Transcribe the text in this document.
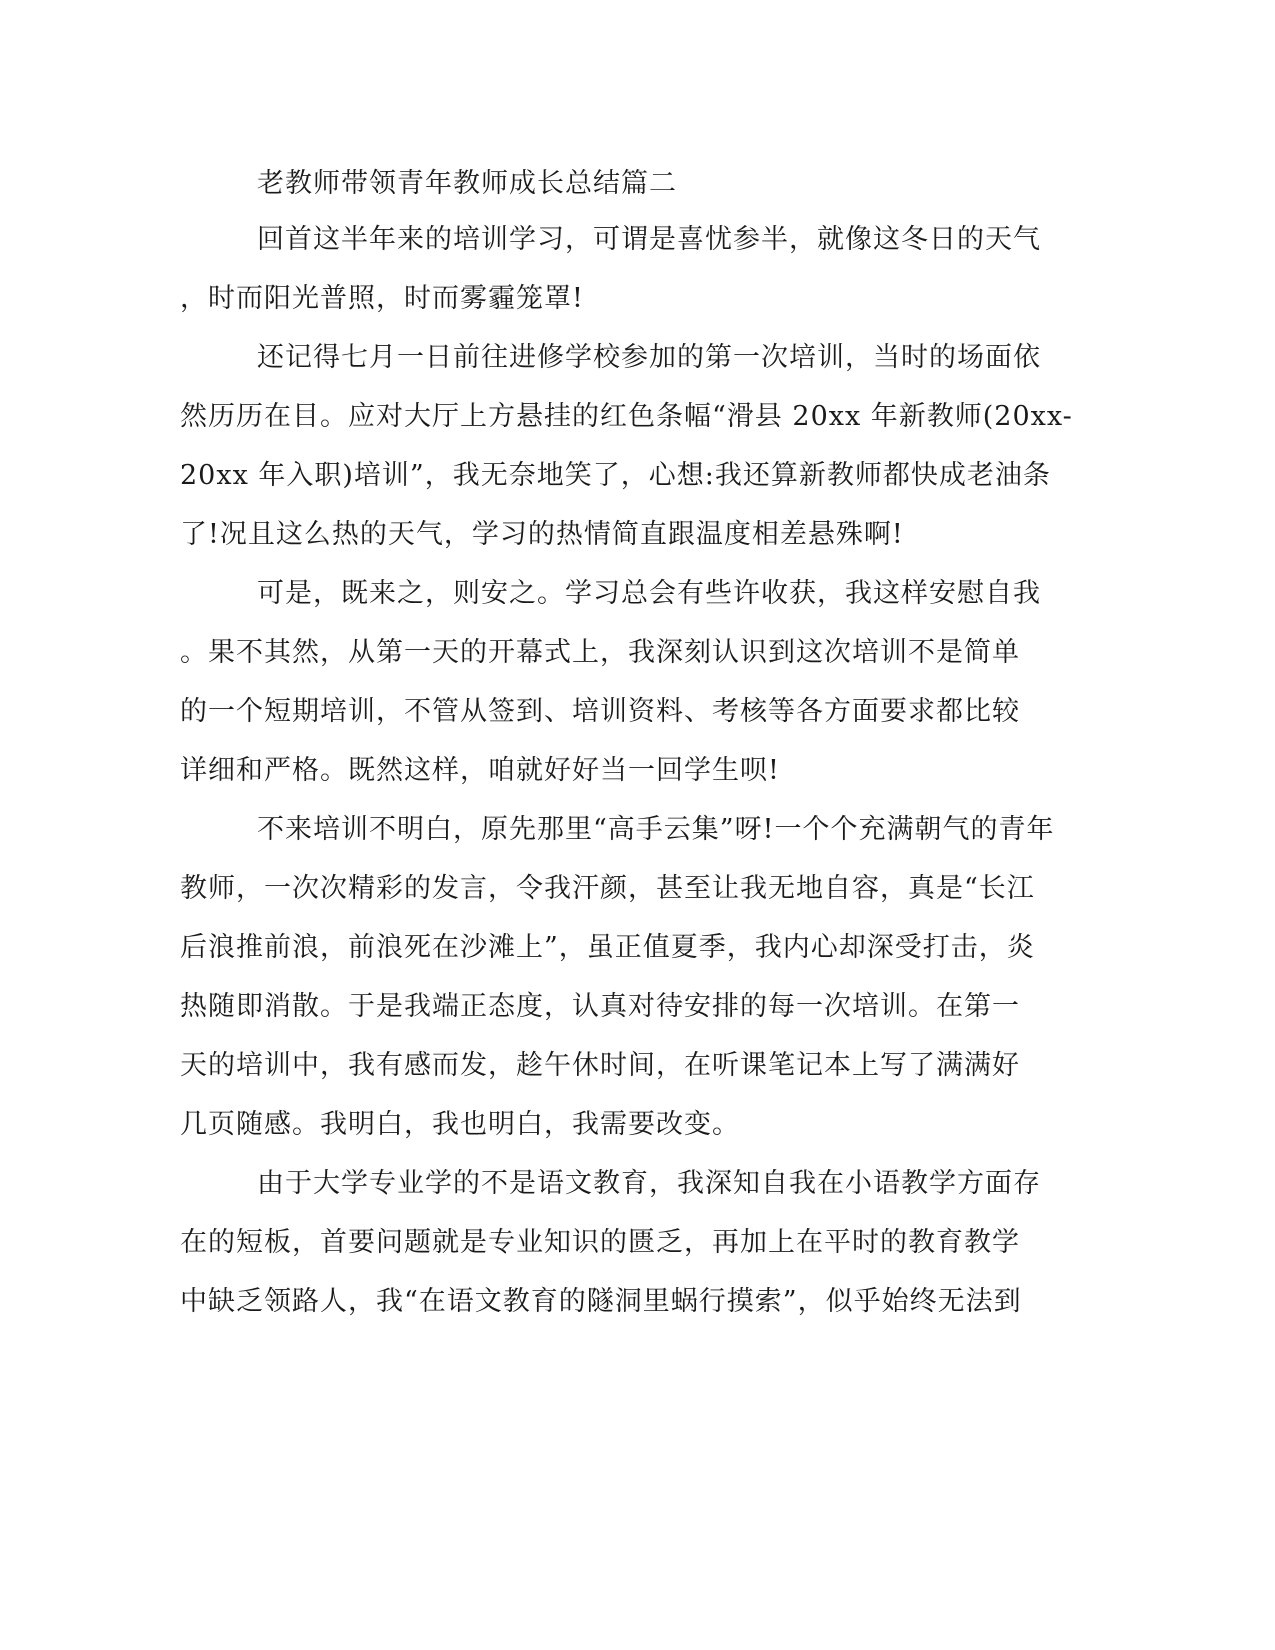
老教师带领青年教师成长总结篇二
回首这半年来的培训学习，可谓是喜忧参半，就像这冬日的天气
，时而阳光普照，时而雾霾笼罩!
还记得七月一日前往进修学校参加的第一次培训，当时的场面依
然历历在目。应对大厅上方悬挂的红色条幅“滑县 20xx 年新教师(20xx-
20xx 年入职)培训”，我无奈地笑了，心想:我还算新教师都快成老油条
了!况且这么热的天气，学习的热情简直跟温度相差悬殊啊!
可是，既来之，则安之。学习总会有些许收获，我这样安慰自我
。果不其然，从第一天的开幕式上，我深刻认识到这次培训不是简单
的一个短期培训，不管从签到、培训资料、考核等各方面要求都比较
详细和严格。既然这样，咱就好好当一回学生呗!
不来培训不明白，原先那里“高手云集”呀!一个个充满朝气的青年
教师，一次次精彩的发言，令我汗颜，甚至让我无地自容，真是“长江
后浪推前浪，前浪死在沙滩上”，虽正值夏季，我内心却深受打击，炎
热随即消散。于是我端正态度，认真对待安排的每一次培训。在第一
天的培训中，我有感而发，趁午休时间，在听课笔记本上写了满满好
几页随感。我明白，我也明白，我需要改变。
由于大学专业学的不是语文教育，我深知自我在小语教学方面存
在的短板，首要问题就是专业知识的匮乏，再加上在平时的教育教学
中缺乏领路人，我“在语文教育的隧洞里蜗行摸索”，似乎始终无法到
